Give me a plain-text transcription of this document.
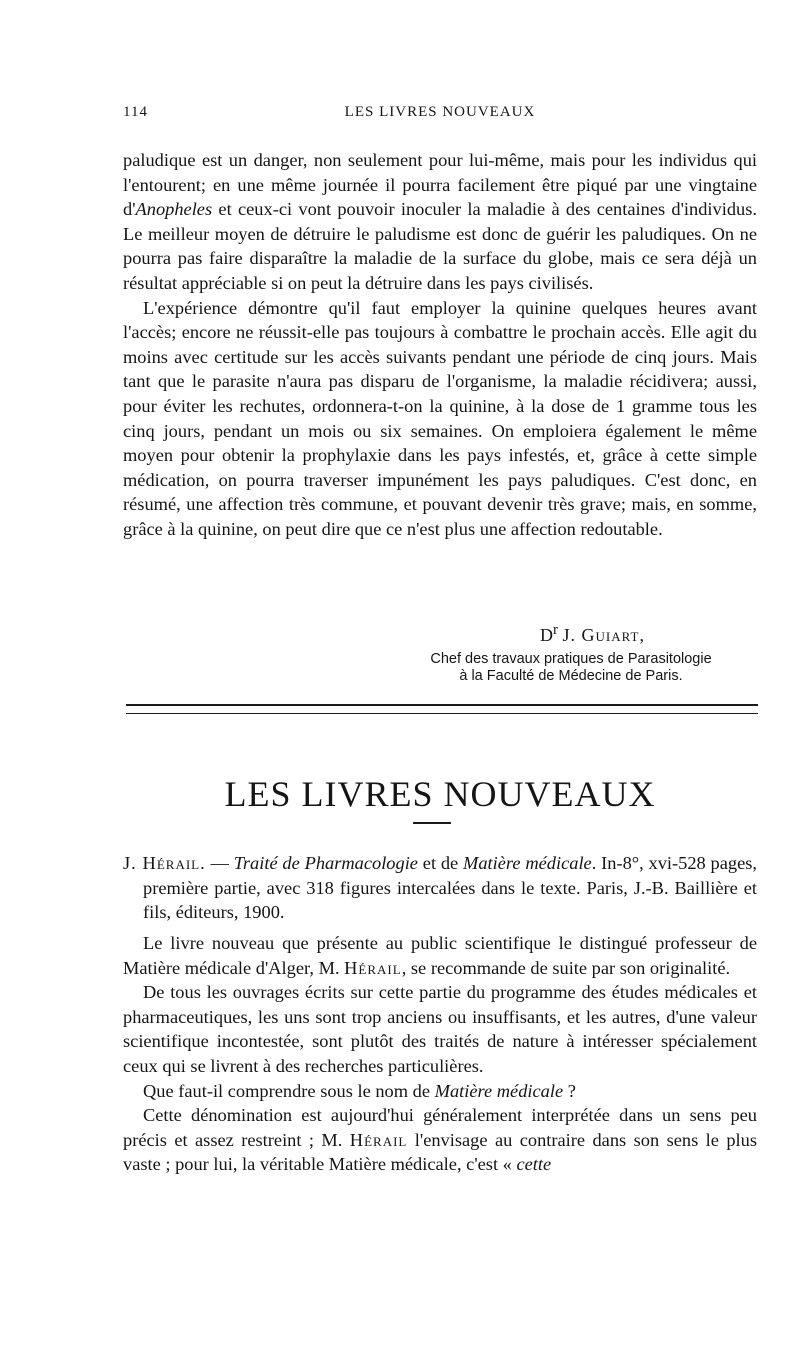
114	LES LIVRES NOUVEAUX

paludique est un danger, non seulement pour lui-même, mais pour les individus qui l'entourent; en une même journée il pourra facilement être piqué par une vingtaine d'Anopheles et ceux-ci vont pouvoir inoculer la maladie à des centaines d'individus. Le meilleur moyen de détruire le paludisme est donc de guérir les paludiques. On ne pourra pas faire disparaître la maladie de la surface du globe, mais ce sera déjà un résultat appréciable si on peut la détruire dans les pays civilisés.

L'expérience démontre qu'il faut employer la quinine quelques heures avant l'accès; encore ne réussit-elle pas toujours à combattre le prochain accès. Elle agit du moins avec certitude sur les accès suivants pendant une période de cinq jours. Mais tant que le parasite n'aura pas disparu de l'organisme, la maladie récidivera; aussi, pour éviter les rechutes, ordonnera-t-on la quinine, à la dose de 1 gramme tous les cinq jours, pendant un mois ou six semaines. On emploiera également le même moyen pour obtenir la prophylaxie dans les pays infestés, et, grâce à cette simple médication, on pourra traverser impunément les pays paludiques. C'est donc, en résumé, une affection très commune, et pouvant devenir très grave; mais, en somme, grâce à la quinine, on peut dire que ce n'est plus une affection redoutable.

$D^r$ J. Guiart,
Chef des travaux pratiques de Parasitologie
à la Faculté de Médecine de Paris.
LES LIVRES NOUVEAUX

J. Hérail. — Traité de Pharmacologie et de Matière médicale. In-8°, xvi-528 pages, première partie, avec 318 figures intercalées dans le texte. Paris, J.-B. Baillière et fils, éditeurs, 1900.

Le livre nouveau que présente au public scientifique le distingué professeur de Matière médicale d'Alger, M. Hérail, se recommande de suite par son originalité.

De tous les ouvrages écrits sur cette partie du programme des études médicales et pharmaceutiques, les uns sont trop anciens ou insuffisants, et les autres, d'une valeur scientifique incontestée, sont plutôt des traités de nature à intéresser spécialement ceux qui se livrent à des recherches particulières.

Que faut-il comprendre sous le nom de Matière médicale ?

Cette dénomination est aujourd'hui généralement interprétée dans un sens peu précis et assez restreint ; M. Hérail l'envisage au contraire dans son sens le plus vaste ; pour lui, la véritable Matière médicale, c'est « cette
